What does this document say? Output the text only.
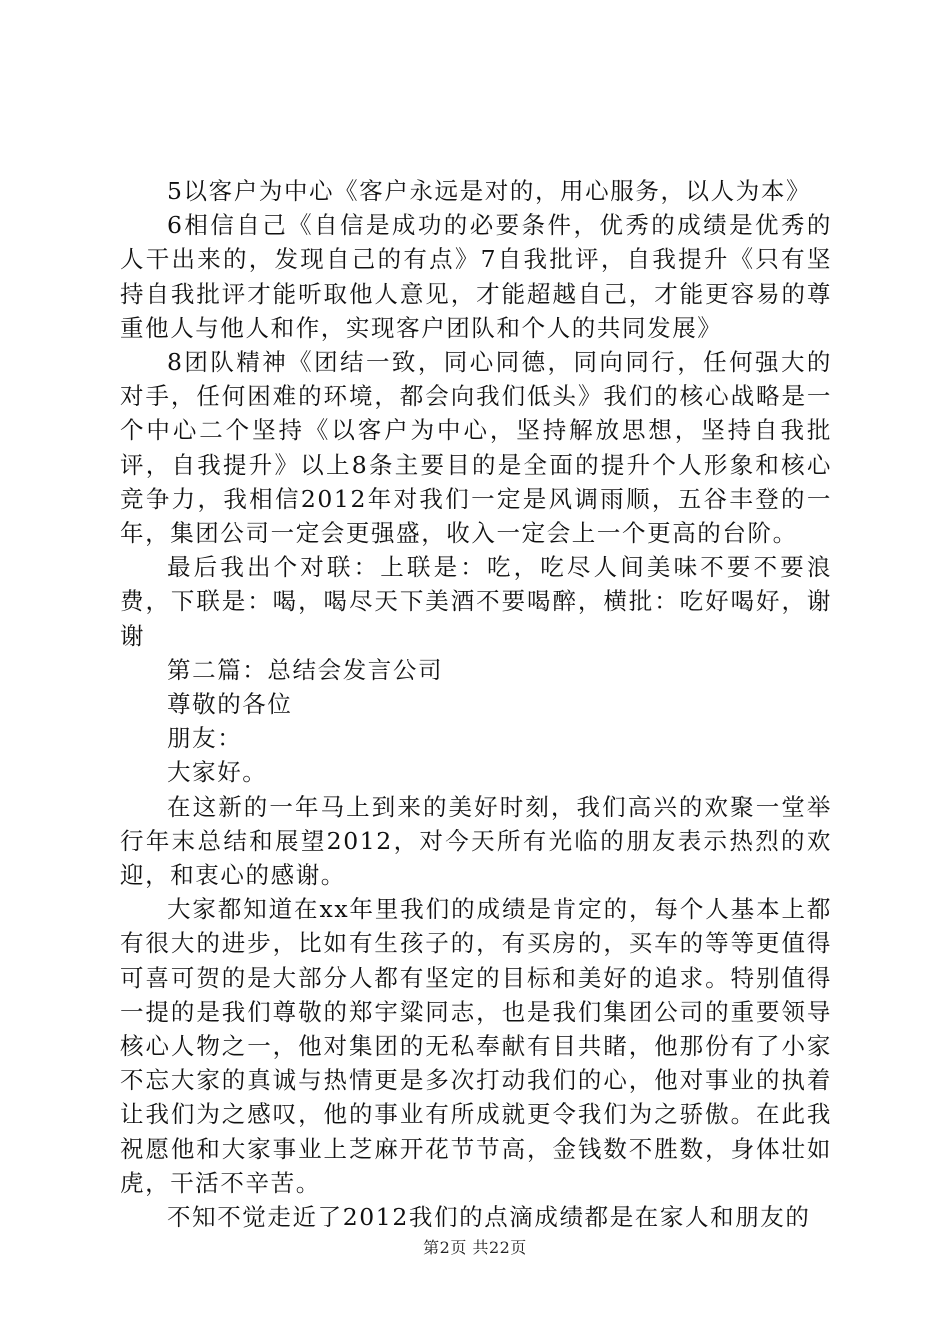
5以客户为中心《客户永远是对的，用心服务，以人为本》

6相信自己《自信是成功的必要条件，优秀的成绩是优秀的人干出来的，发现自己的有点》7自我批评，自我提升《只有坚持自我批评才能听取他人意见，才能超越自己，才能更容易的尊重他人与他人和作，实现客户团队和个人的共同发展》

8团队精神《团结一致，同心同德，同向同行，任何强大的对手，任何困难的环境，都会向我们低头》我们的核心战略是一个中心二个坚持《以客户为中心，坚持解放思想，坚持自我批评，自我提升》以上8条主要目的是全面的提升个人形象和核心竞争力，我相信2012年对我们一定是风调雨顺，五谷丰登的一年，集团公司一定会更强盛，收入一定会上一个更高的台阶。

最后我出个对联：上联是：吃，吃尽人间美味不要不要浪费，下联是：喝，喝尽天下美酒不要喝醉，横批：吃好喝好，谢谢

第二篇：总结会发言公司

尊敬的各位

朋友：

大家好。

在这新的一年马上到来的美好时刻，我们高兴的欢聚一堂举行年末总结和展望2012，对今天所有光临的朋友表示热烈的欢迎，和衷心的感谢。

大家都知道在xx年里我们的成绩是肯定的，每个人基本上都有很大的进步，比如有生孩子的，有买房的，买车的等等更值得可喜可贺的是大部分人都有坚定的目标和美好的追求。特别值得一提的是我们尊敬的郑宇粱同志，也是我们集团公司的重要领导核心人物之一，他对集团的无私奉献有目共睹，他那份有了小家不忘大家的真诚与热情更是多次打动我们的心，他对事业的执着让我们为之感叹，他的事业有所成就更令我们为之骄傲。在此我祝愿他和大家事业上芝麻开花节节高，金钱数不胜数，身体壮如虎，干活不辛苦。

不知不觉走近了2012我们的点滴成绩都是在家人和朋友的

第2页 共22页
